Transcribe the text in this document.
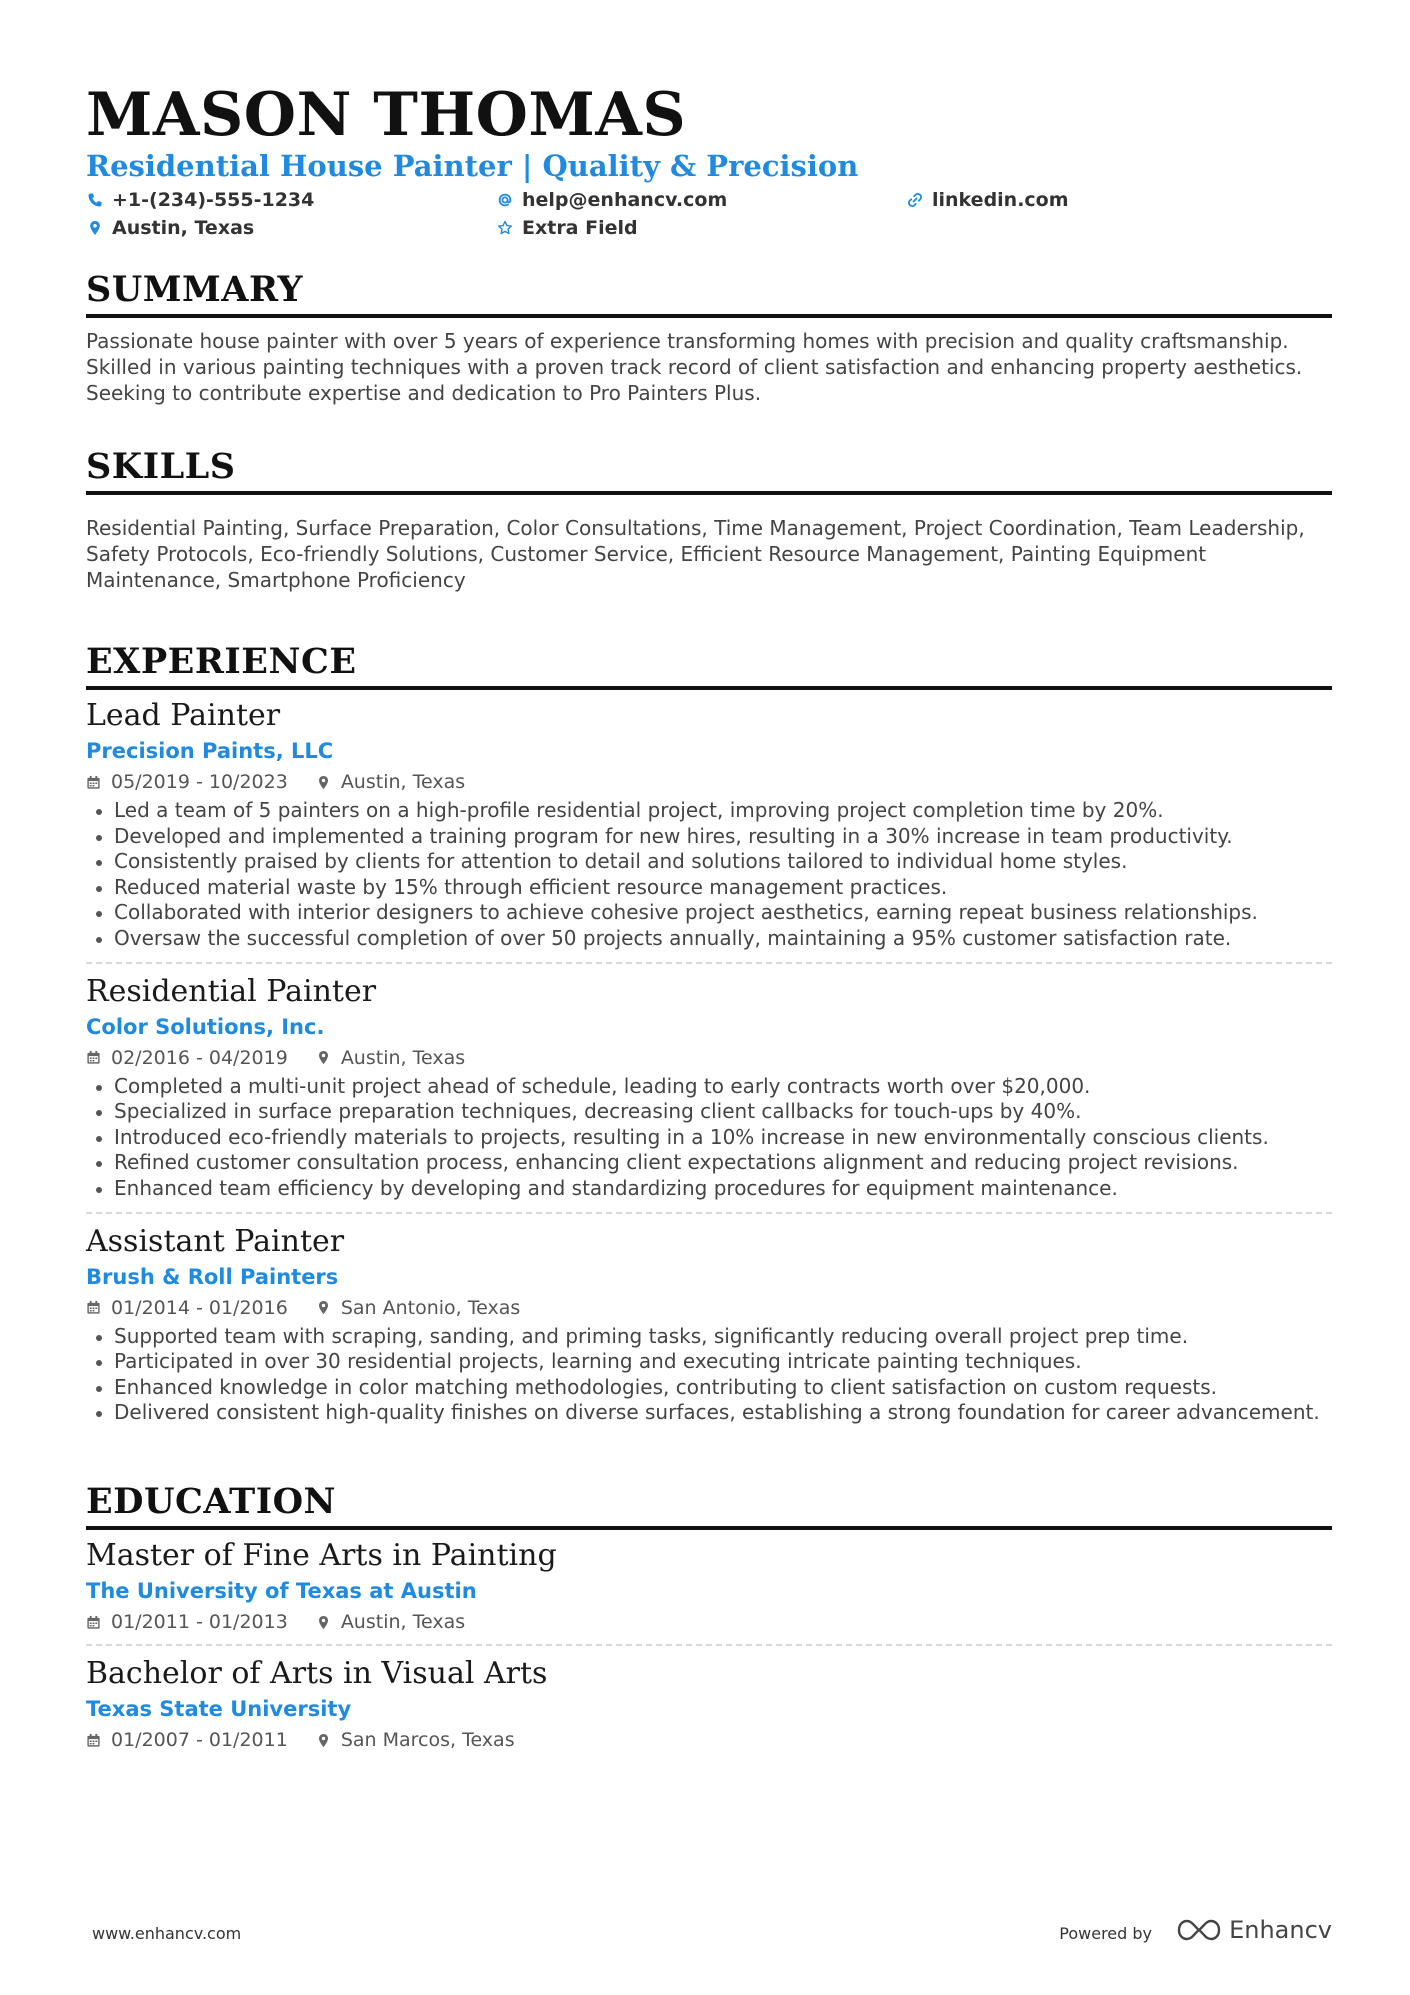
MASON THOMAS
Residential House Painter | Quality & Precision
+1-(234)-555-1234	help@enhancv.com	linkedin.com
Austin, Texas	Extra Field
SUMMARY
Passionate house painter with over 5 years of experience transforming homes with precision and quality craftsmanship. Skilled in various painting techniques with a proven track record of client satisfaction and enhancing property aesthetics. Seeking to contribute expertise and dedication to Pro Painters Plus.
SKILLS
Residential Painting, Surface Preparation, Color Consultations, Time Management, Project Coordination, Team Leadership, Safety Protocols, Eco-friendly Solutions, Customer Service, Efficient Resource Management, Painting Equipment Maintenance, Smartphone Proficiency
EXPERIENCE
Lead Painter
Precision Paints, LLC
05/2019 - 10/2023	Austin, Texas
Led a team of 5 painters on a high-profile residential project, improving project completion time by 20%.
Developed and implemented a training program for new hires, resulting in a 30% increase in team productivity.
Consistently praised by clients for attention to detail and solutions tailored to individual home styles.
Reduced material waste by 15% through efficient resource management practices.
Collaborated with interior designers to achieve cohesive project aesthetics, earning repeat business relationships.
Oversaw the successful completion of over 50 projects annually, maintaining a 95% customer satisfaction rate.
Residential Painter
Color Solutions, Inc.
02/2016 - 04/2019	Austin, Texas
Completed a multi-unit project ahead of schedule, leading to early contracts worth over $20,000.
Specialized in surface preparation techniques, decreasing client callbacks for touch-ups by 40%.
Introduced eco-friendly materials to projects, resulting in a 10% increase in new environmentally conscious clients.
Refined customer consultation process, enhancing client expectations alignment and reducing project revisions.
Enhanced team efficiency by developing and standardizing procedures for equipment maintenance.
Assistant Painter
Brush & Roll Painters
01/2014 - 01/2016	San Antonio, Texas
Supported team with scraping, sanding, and priming tasks, significantly reducing overall project prep time.
Participated in over 30 residential projects, learning and executing intricate painting techniques.
Enhanced knowledge in color matching methodologies, contributing to client satisfaction on custom requests.
Delivered consistent high-quality finishes on diverse surfaces, establishing a strong foundation for career advancement.
EDUCATION
Master of Fine Arts in Painting
The University of Texas at Austin
01/2011 - 01/2013	Austin, Texas
Bachelor of Arts in Visual Arts
Texas State University
01/2007 - 01/2011	San Marcos, Texas
www.enhancv.com	Powered by	Enhancv
